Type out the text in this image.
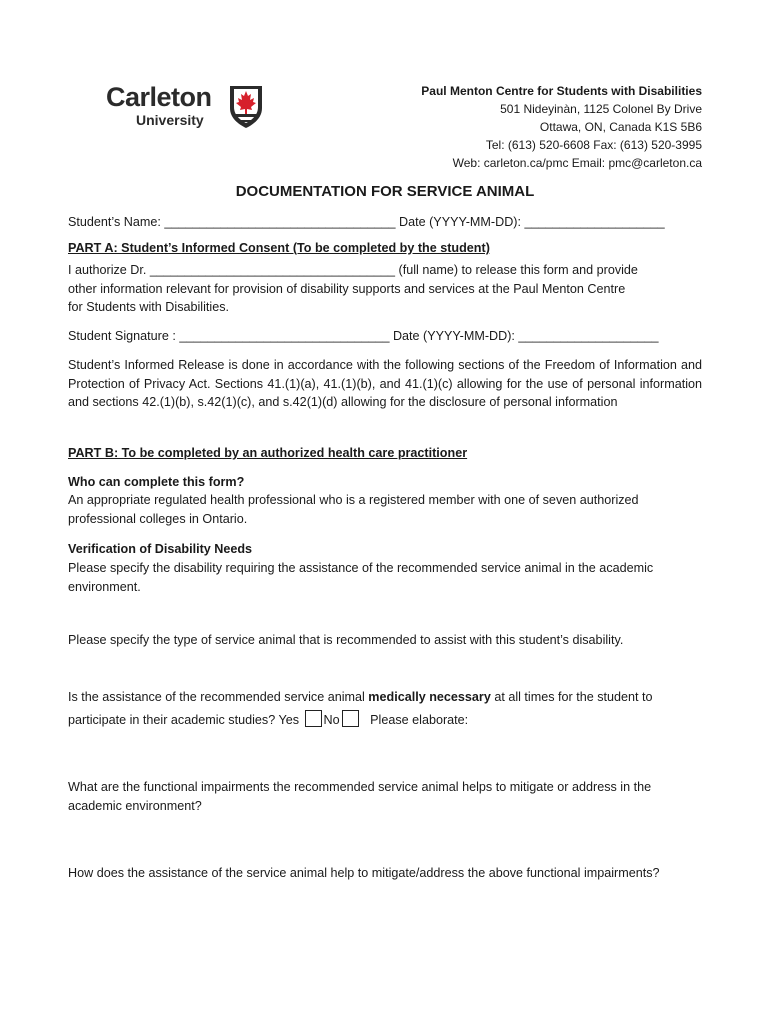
Carleton
University
Paul Menton Centre for Students with Disabilities
501 Nideyinàn, 1125 Colonel By Drive
Ottawa, ON, Canada K1S 5B6
Tel: (613) 520-6608 Fax: (613) 520-3995
Web: carleton.ca/pmc Email: pmc@carleton.ca
DOCUMENTATION FOR SERVICE ANIMAL
Student’s Name: _________________________________ Date (YYYY-MM-DD): ____________________
PART A: Student’s Informed Consent (To be completed by the student)
I authorize Dr. ___________________________________ (full name) to release this form and provide
other information relevant for provision of disability supports and services at the Paul Menton Centre
for Students with Disabilities.
Student Signature : ______________________________ Date (YYYY-MM-DD): ____________________
Student’s Informed Release is done in accordance with the following sections of the Freedom of Information and Protection of Privacy Act. Sections 41.(1)(a), 41.(1)(b), and 41.(1)(c) allowing for the use of personal information and sections 42.(1)(b), s.42(1)(c), and s.42(1)(d) allowing for the disclosure of personal information
PART B: To be completed by an authorized health care practitioner
Who can complete this form?
An appropriate regulated health professional who is a registered member with one of seven authorized professional colleges in Ontario.
Verification of Disability Needs
Please specify the disability requiring the assistance of the recommended service animal in the academic environment.
Please specify the type of service animal that is recommended to assist with this student’s disability.
Is the assistance of the recommended service animal medically necessary at all times for the student to
participate in their academic studies? Yes No Please elaborate:
What are the functional impairments the recommended service animal helps to mitigate or address in the academic environment?
How does the assistance of the service animal help to mitigate/address the above functional impairments?
